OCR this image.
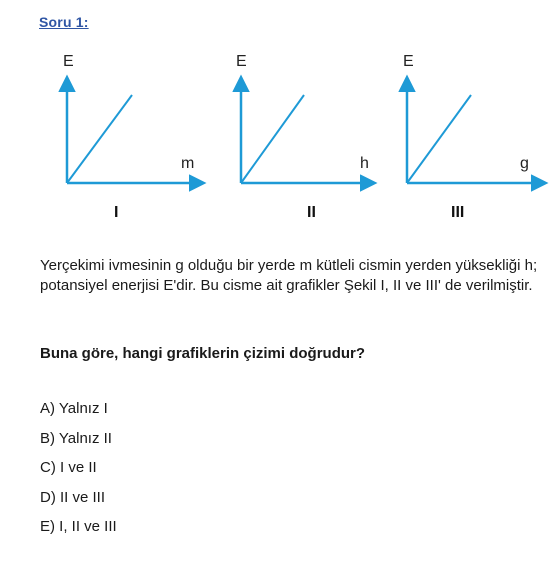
Soru 1:
E
m
I
E
h
II
E
g
III
Yerçekimi ivmesinin g olduğu bir yerde m kütleli cismin yerden yüksekliği h; potansiyel enerjisi E'dir. Bu cisme ait grafikler Şekil I, II ve III' de verilmiştir.
Buna göre, hangi grafiklerin çizimi doğrudur?
A) Yalnız I
B) Yalnız II
C) I ve II
D) II ve III
E) I, II ve III
